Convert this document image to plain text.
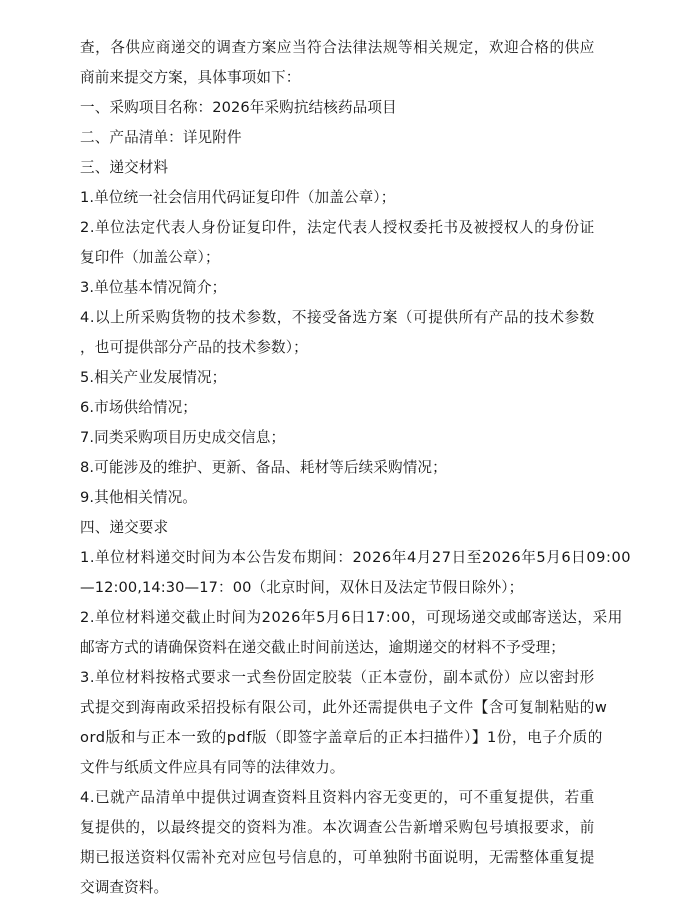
查，各供应商递交的调查方案应当符合法律法规等相关规定，欢迎合格的供应
商前来提交方案，具体事项如下：
一、采购项目名称：2026年采购抗结核药品项目
二、产品清单：详见附件
三、递交材料
1.单位统一社会信用代码证复印件（加盖公章）；
2.单位法定代表人身份证复印件，法定代表人授权委托书及被授权人的身份证
复印件（加盖公章）；
3.单位基本情况简介；
4.以上所采购货物的技术参数，不接受备选方案（可提供所有产品的技术参数
，也可提供部分产品的技术参数）；
5.相关产业发展情况；
6.市场供给情况；
7.同类采购项目历史成交信息；
8.可能涉及的维护、更新、备品、耗材等后续采购情况；
9.其他相关情况。
四、递交要求
1.单位材料递交时间为本公告发布期间：2026年4月27日至2026年5月6日09:00
—12:00,14:30—17：00（北京时间，双休日及法定节假日除外）；
2.单位材料递交截止时间为2026年5月6日17:00，可现场递交或邮寄送达，采用
邮寄方式的请确保资料在递交截止时间前送达，逾期递交的材料不予受理；
3.单位材料按格式要求一式叁份固定胶装（正本壹份，副本贰份）应以密封形
式提交到海南政采招投标有限公司，此外还需提供电子文件【含可复制粘贴的w
ord版和与正本一致的pdf版（即签字盖章后的正本扫描件）】1份，电子介质的
文件与纸质文件应具有同等的法律效力。
4.已就产品清单中提供过调查资料且资料内容无变更的，可不重复提供，若重
复提供的，以最终提交的资料为准。本次调查公告新增采购包号填报要求，前
期已报送资料仅需补充对应包号信息的，可单独附书面说明，无需整体重复提
交调查资料。
